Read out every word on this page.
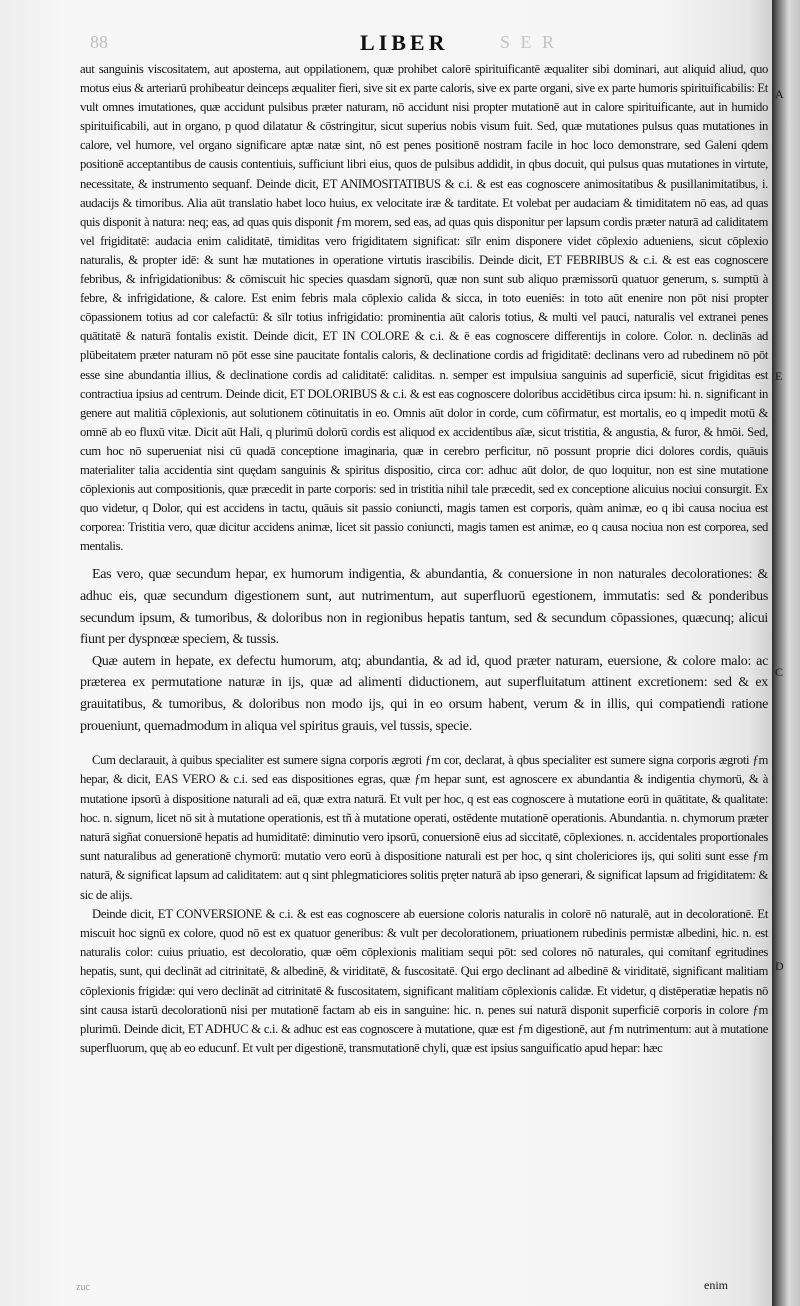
88	LIBER	S E R

aut sanguinis viscositatem, aut apostema, aut oppilationem, quæ prohibet calorē spirituificantē æqualiter sibi dominari, aut aliquid aliud, quo motus eius & arteriarū prohibeatur deinceps æqualiter fieri, sive sit ex parte caloris, sive ex parte organi, sive ex parte humoris spirituificabilis: Et vult omnes imutationes, quæ accidunt pulsibus præter naturam, nō accidunt nisi propter mutationē aut in calore spirituificante, aut in humido spirituificabili, aut in organo, p quod dilatatur & cōstringitur, sicut superius nobis visum fuit. Sed, quæ mutationes pulsus quas mutationes in calore, vel humore, vel organo significare aptæ natæ sint, nō est penes positionē nostram facile in hoc loco demonstrare, sed Galeni qdem positionē acceptantibus de causis contentiuis, sufficiunt libri eius, quos de pulsibus addidit, in qbus docuit, qui pulsus quas mutationes in virtute, necessitate, & instrumento sequanf. Deinde dicit, ET ANIMOSITATIBUS & c.i. & est eas cognoscere animositatibus & pusillanimitatibus, i. audacijs & timoribus. Alia aūt translatio habet loco huius, ex velocitate iræ & tarditate. Et volebat per audaciam & timiditatem nō eas, ad quas quis disponit à natura: neq; eas, ad quas quis disponit ƒm morem, sed eas, ad quas quis disponitur per lapsum cordis præter naturā ad caliditatem vel frigiditatē: audacia enim caliditatē, timiditas vero frigiditatem significat: sīlr enim disponere videt cōplexio adueniens, sicut cōplexio naturalis, & propter idē: & sunt hæ mutationes in operatione virtutis irascibilis. Deinde dicit, ET FEBRIBUS & c.i. & est eas cognoscere febribus, & infrigidationibus: & cōmiscuit hic species quasdam signorū, quæ non sunt sub aliquo præmissorū quatuor generum, s. sumptū à febre, & infrigidatione, & calore. Est enim febris mala cōplexio calida & sicca, in toto eueniēs: in toto aūt enenire non pōt nisi propter cōpassionem totius ad cor calefactū: & sīlr totius infrigidatio: prominentia aūt caloris totius, & multi vel pauci, naturalis vel extranei penes quātitatē & naturā fontalis existit. Deinde dicit, ET IN COLORE & c.i. & ē eas cognoscere differentijs in colore. Color. n. declinās ad plūbeitatem præter naturam nō pōt esse sine paucitate fontalis caloris, & declinatione cordis ad frigiditatē: declinans vero ad rubedinem nō pōt esse sine abundantia illius, & declinatione cordis ad caliditatē: caliditas. n. semper est impulsiua sanguinis ad superficiē, sicut frigiditas est contractiua ipsius ad centrum. Deinde dicit, ET DOLORIBUS & c.i. & est eas cognoscere doloribus accidētibus circa ipsum: hi. n. significant in genere aut malitiā cōplexionis, aut solutionem cōtinuitatis in eo. Omnis aūt dolor in corde, cum cōfirmatur, est mortalis, eo q impedit motū & omnē ab eo fluxū vitæ. Dicit aūt Hali, q plurimū dolorū cordis est aliquod ex accidentibus aīæ, sicut tristitia, & angustia, & furor, & hmōi. Sed, cum hoc nō superueniat nisi cū quadā conceptione imaginaria, quæ in cerebro perficitur, nō possunt proprie dici dolores cordis, quāuis materialiter talia accidentia sint quędam sanguinis & spiritus dispositio, circa cor: adhuc aūt dolor, de quo loquitur, non est sine mutatione cōplexionis aut compositionis, quæ præcedit in parte corporis: sed in tristitia nihil tale præcedit, sed ex conceptione alicuius nociui consurgit. Ex quo videtur, q Dolor, qui est accidens in tactu, quāuis sit passio coniuncti, magis tamen est corporis, quàm animæ, eo q ibi causa nociua est corporea: Tristitia vero, quæ dicitur accidens animæ, licet sit passio coniuncti, magis tamen est animæ, eo q causa nociua non est corporea, sed mentalis.

Eas vero, quæ secundum hepar, ex humorum indigentia, & abundantia, & conuersione in non naturales decolorationes: & adhuc eis, quæ secundum digestionem sunt, aut nutrimentum, aut superfluorū egestionem, immutatis: sed & ponderibus secundum ipsum, & tumoribus, & doloribus non in regionibus hepatis tantum, sed & secundum cōpassiones, quæcunq; alicui fiunt per dyspnœæ speciem, & tussis.

Quæ autem in hepate, ex defectu humorum, atq; abundantia, & ad id, quod præter naturam, euersione, & colore malo: ac præterea ex permutatione naturæ in ijs, quæ ad alimenti diductionem, aut superfluitatum attinent excretionem: sed & ex grauitatibus, & tumoribus, & doloribus non modo ijs, qui in eo orsum habent, verum & in illis, qui compatiendi ratione proueniunt, quemadmodum in aliqua vel spiritus grauis, vel tussis, specie.

Cum declarauit, à quibus specialiter est sumere signa corporis ægroti ƒm cor, declarat, à qbus specialiter est sumere signa corporis ægroti ƒm hepar, & dicit, EAS VERO & c.i. sed eas dispositiones egras, quæ ƒm hepar sunt, est agnoscere ex abundantia & indigentia chymorū, & à mutatione ipsorū à dispositione naturali ad eā, quæ extra naturā. Et vult per hoc, q est eas cognoscere à mutatione eorū in quātitate, & qualitate: hoc. n. signum, licet nō sit à mutatione operationis, est tñ à mutatione operati, ostēdente mutationē operationis. Abundantia. n. chymorum præter naturā sigñat conuersionē hepatis ad humiditatē: diminutio vero ipsorū, conuersionē eius ad siccitatē, cōplexiones. n. accidentales proportionales sunt naturalibus ad generationē chymorū: mutatio vero eorū à dispositione naturali est per hoc, q sint cholericiores ijs, qui soliti sunt esse ƒm naturā, & significat lapsum ad caliditatem: aut q sint phlegmaticiores solitis pręter naturā ab ipso generari, & significat lapsum ad frigiditatem: & sic de alijs.

Deinde dicit, ET CONVERSIONE & c.i. & est eas cognoscere ab euersione coloris naturalis in colorē nō naturalē, aut in decolorationē. Et miscuit hoc signū ex colore, quod nō est ex quatuor generibus: & vult per decolorationem, priuationem rubedinis permistæ albedini, hic. n. est naturalis color: cuius priuatio, est decoloratio, quæ oēm cōplexionis malitiam sequi pōt: sed colores nō naturales, qui comitanf egritudines hepatis, sunt, qui declināt ad citrinitatē, & albedinē, & viriditatē, & fuscositatē. Qui ergo declinant ad albedinē & viriditatē, significant malitiam cōplexionis frigidæ: qui vero declināt ad citrinitatē & fuscositatem, significant malitiam cōplexionis calidæ. Et videtur, q distēperatiæ hepatis nō sint causa istarū decolorationū nisi per mutationē factam ab eis in sanguine: hic. n. penes sui naturā disponit superficiē corporis in colore ƒm plurimū. Deinde dicit, ET ADHUC & c.i. & adhuc est eas cognoscere à mutatione, quæ est ƒm digestionē, aut ƒm nutrimentum: aut à mutatione superfluorum, quę ab eo educunf. Et vult per digestionē, transmutationē chyli, quæ est ipsius sanguificatio apud hepar: hæc

zuc	enim
A
E
C
D
